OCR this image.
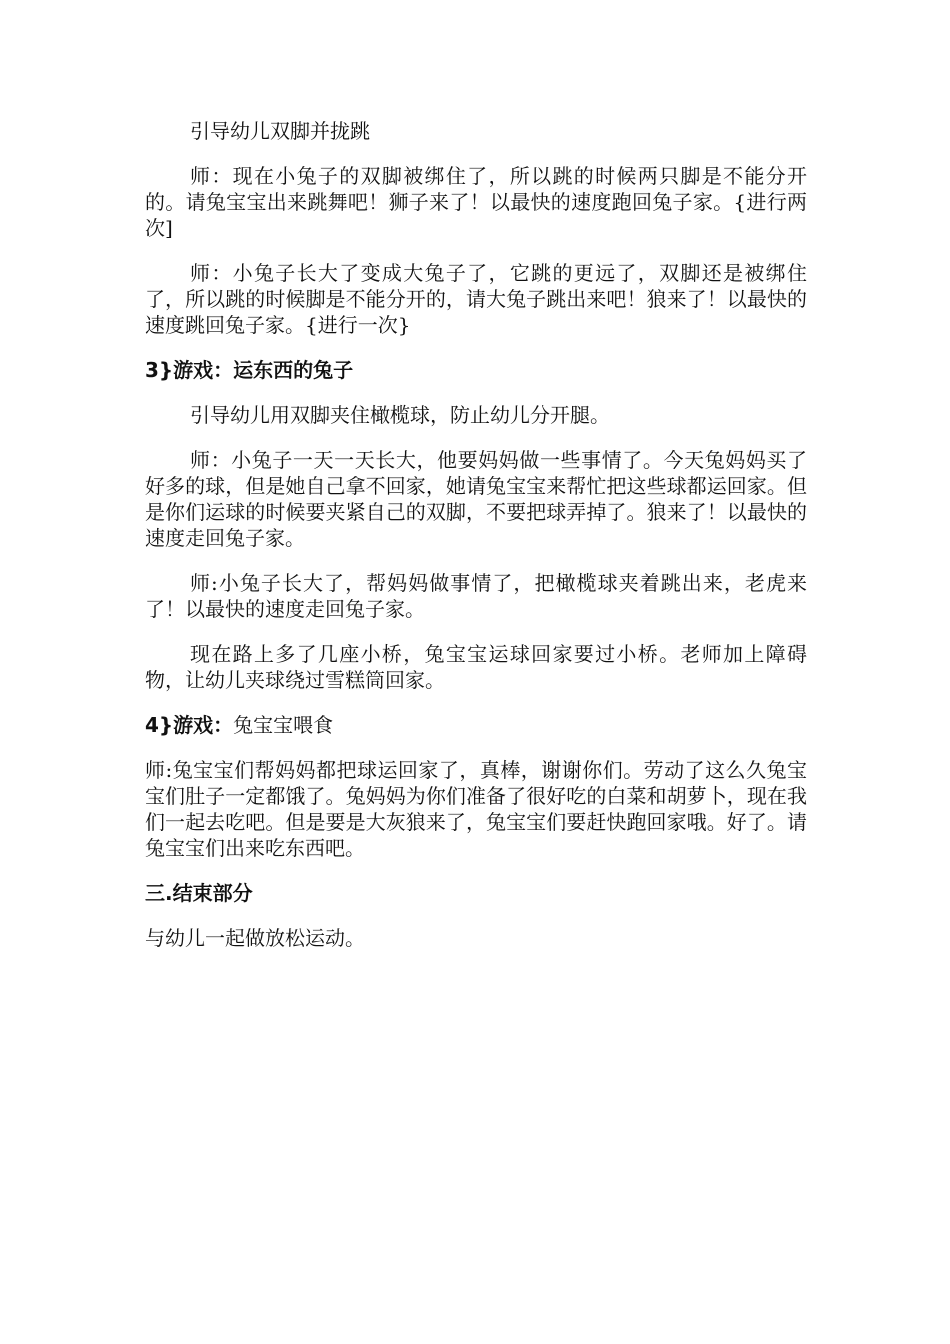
引导幼儿双脚并拢跳

师：现在小兔子的双脚被绑住了，所以跳的时候两只脚是不能分开的。请兔宝宝出来跳舞吧！狮子来了！以最快的速度跑回兔子家。{进行两次]

师：小兔子长大了变成大兔子了，它跳的更远了，双脚还是被绑住了，所以跳的时候脚是不能分开的，请大兔子跳出来吧！狼来了！以最快的速度跳回兔子家。{进行一次}

3}游戏：运东西的兔子

引导幼儿用双脚夹住橄榄球，防止幼儿分开腿。

师：小兔子一天一天长大，他要妈妈做一些事情了。今天兔妈妈买了好多的球，但是她自己拿不回家，她请兔宝宝来帮忙把这些球都运回家。但是你们运球的时候要夹紧自己的双脚，不要把球弄掉了。狼来了！以最快的速度走回兔子家。

师:小兔子长大了，帮妈妈做事情了，把橄榄球夹着跳出来，老虎来了！以最快的速度走回兔子家。

现在路上多了几座小桥，兔宝宝运球回家要过小桥。老师加上障碍物，让幼儿夹球绕过雪糕筒回家。

4}游戏：兔宝宝喂食

师:兔宝宝们帮妈妈都把球运回家了，真棒，谢谢你们。劳动了这么久兔宝宝们肚子一定都饿了。兔妈妈为你们准备了很好吃的白菜和胡萝卜，现在我们一起去吃吧。但是要是大灰狼来了，兔宝宝们要赶快跑回家哦。好了。请兔宝宝们出来吃东西吧。

三.结束部分

与幼儿一起做放松运动。
